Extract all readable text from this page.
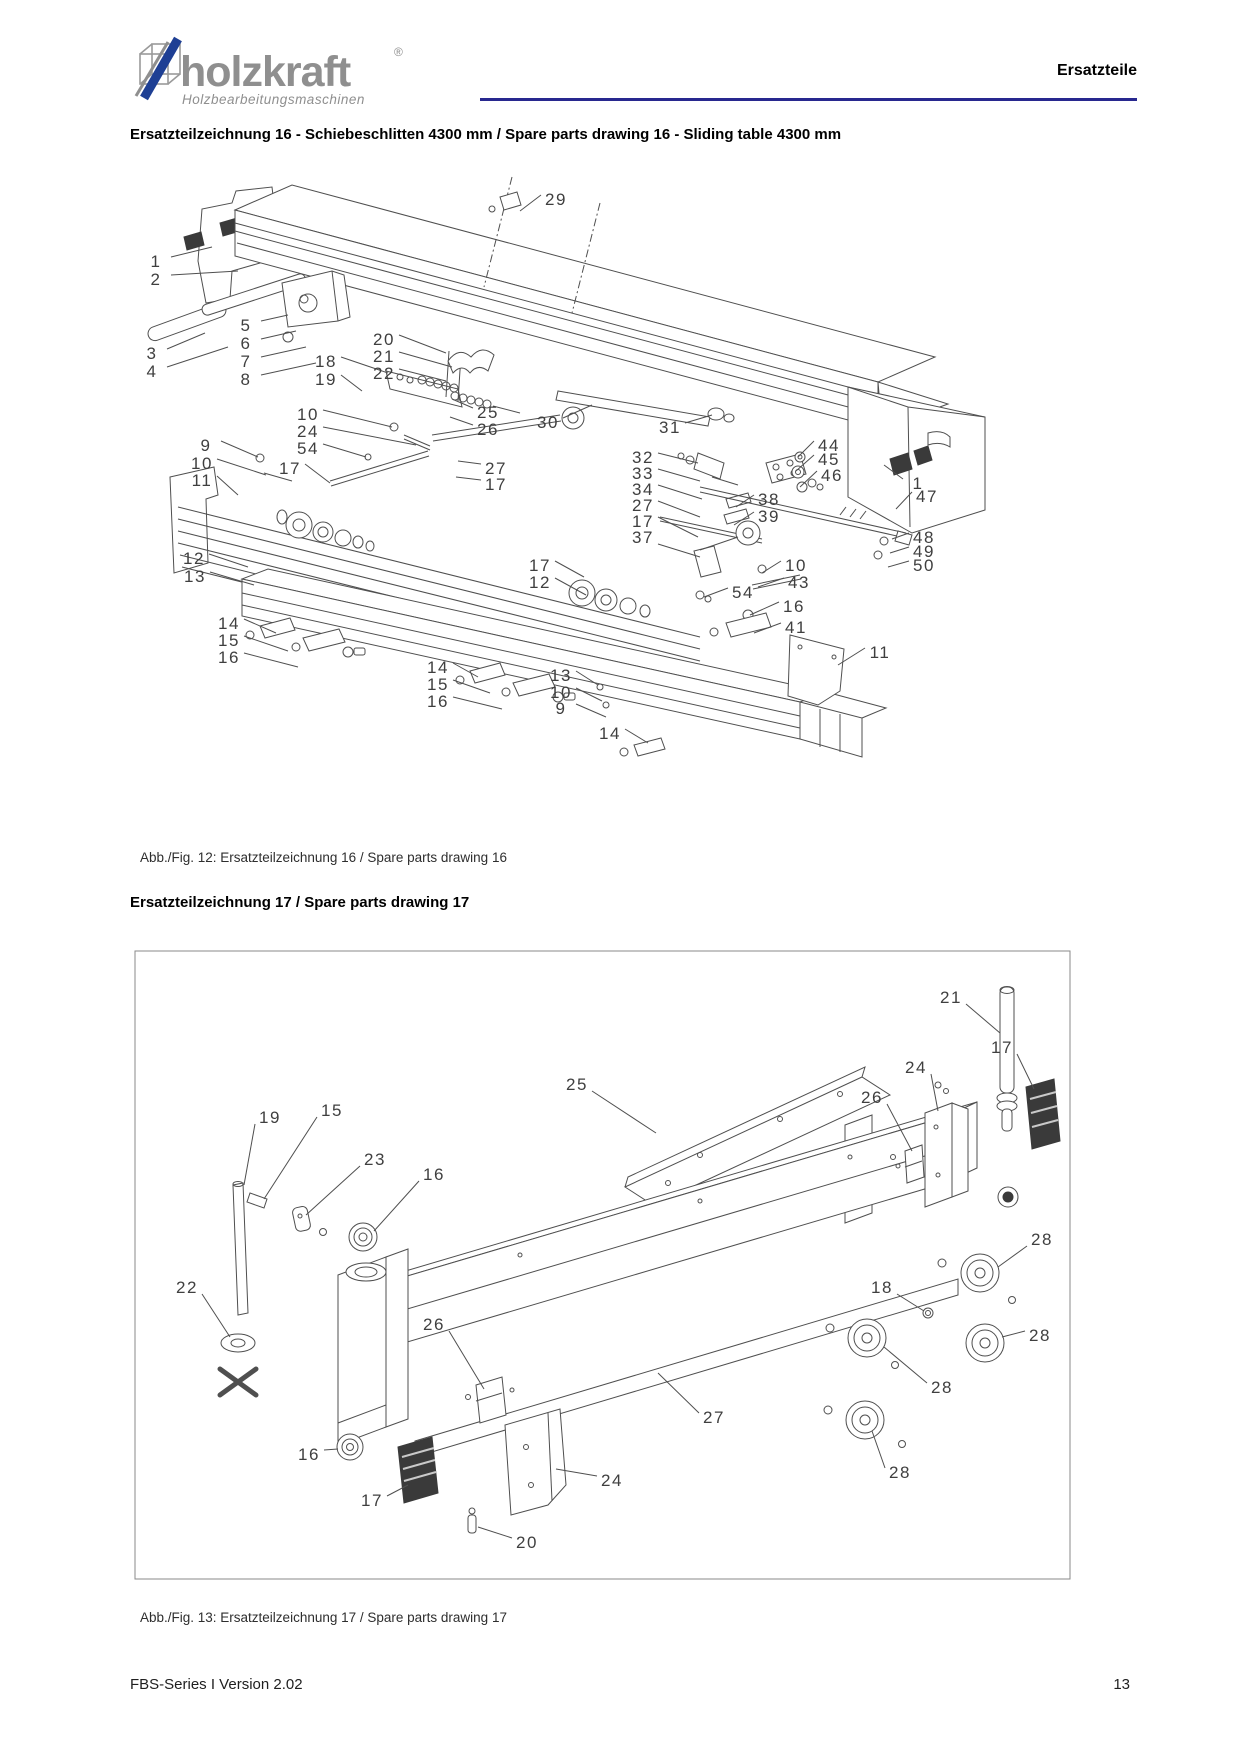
holzkraft	®
Holzbearbeitungsmaschinen
Ersatzteile
Ersatzteilzeichnung 16 - Schiebeschlitten 4300 mm / Spare parts drawing 16 - Sliding table 4300 mm
1
2
29
3
4
5
6
7
8
18
19
20
21
22
25
26 30	31
10
24
54
9
10
11
17	27
17
32
33
34
27
17
37
38
39
44
45
46	1
47
48
49
50
10
43
54
16
41
12
13
17
12
14
15
16
14
15
16
13
10
9
11
14
Abb./Fig. 12: Ersatzteilzeichnung 16 / Spare parts drawing 16
Ersatzteilzeichnung 17 / Spare parts drawing 17
21
17
25
24
26
19 15
23
16
22
26
16
17
24
20
27
18
28
28
28
28
Abb./Fig. 13: Ersatzteilzeichnung 17 / Spare parts drawing 17
FBS-Series I Version 2.02	13
